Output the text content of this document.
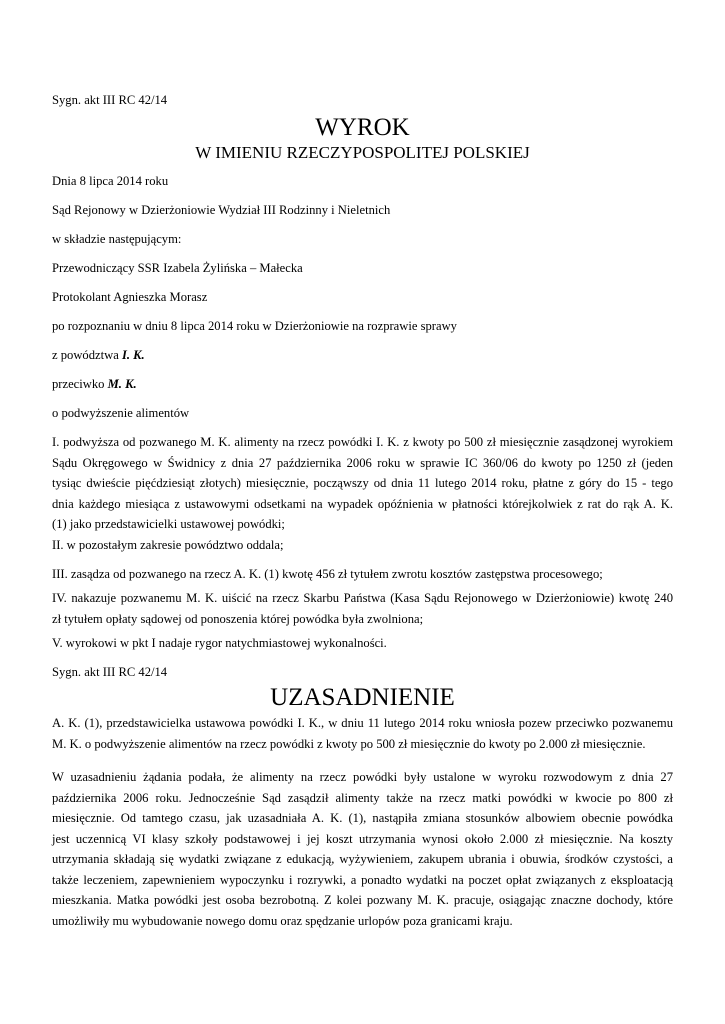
Sygn. akt III RC 42/14
WYROK
W IMIENIU RZECZYPOSPOLITEJ POLSKIEJ
Dnia 8 lipca 2014 roku
Sąd Rejonowy w Dzierżoniowie Wydział III Rodzinny i Nieletnich
w składzie następującym:
Przewodniczący SSR Izabela Żylińska – Małecka
Protokolant Agnieszka Morasz
po rozpoznaniu w dniu 8 lipca 2014 roku w Dzierżoniowie na rozprawie sprawy
z powództwa I. K.
przeciwko M. K.
o podwyższenie alimentów
I. podwyższa od pozwanego M. K. alimenty na rzecz powódki I. K. z kwoty po 500 zł miesięcznie zasądzonej wyrokiem
Sądu Okręgowego w Świdnicy z dnia 27 października 2006 roku w sprawie IC 360/06 do kwoty po 1250 zł (jeden
tysiąc dwieście pięćdziesiąt złotych) miesięcznie, począwszy od dnia 11 lutego 2014 roku, płatne z góry do 15 - tego
dnia każdego miesiąca z ustawowymi odsetkami na wypadek opóźnienia w płatności którejkolwiek z rat do rąk A. K.
(1) jako przedstawicielki ustawowej powódki;
II. w pozostałym zakresie powództwo oddala;
III. zasądza od pozwanego na rzecz A. K. (1) kwotę 456 zł tytułem zwrotu kosztów zastępstwa procesowego;
IV. nakazuje pozwanemu M. K. uiścić na rzecz Skarbu Państwa (Kasa Sądu Rejonowego w Dzierżoniowie) kwotę 240
zł tytułem opłaty sądowej od ponoszenia której powódka była zwolniona;
V. wyrokowi w pkt I nadaje rygor natychmiastowej wykonalności.
Sygn. akt III RC 42/14
UZASADNIENIE
A. K. (1), przedstawicielka ustawowa powódki I. K., w dniu 11 lutego 2014 roku wniosła pozew przeciwko pozwanemu
M. K. o podwyższenie alimentów na rzecz powódki z kwoty po 500 zł miesięcznie do kwoty po 2.000 zł miesięcznie.
W uzasadnieniu żądania podała, że alimenty na rzecz powódki były ustalone w wyroku rozwodowym z dnia 27
października 2006 roku. Jednocześnie Sąd zasądził alimenty także na rzecz matki powódki w kwocie po 800 zł
miesięcznie. Od tamtego czasu, jak uzasadniała A. K. (1), nastąpiła zmiana stosunków albowiem obecnie powódka
jest uczennicą VI klasy szkoły podstawowej i jej koszt utrzymania wynosi około 2.000 zł miesięcznie. Na koszty
utrzymania składają się wydatki związane z edukacją, wyżywieniem, zakupem ubrania i obuwia, środków czystości, a
także leczeniem, zapewnieniem wypoczynku i rozrywki, a ponadto wydatki na poczet opłat związanych z eksploatacją
mieszkania. Matka powódki jest osoba bezrobotną. Z kolei pozwany M. K. pracuje, osiągając znaczne dochody, które
umożliwiły mu wybudowanie nowego domu oraz spędzanie urlopów poza granicami kraju.
